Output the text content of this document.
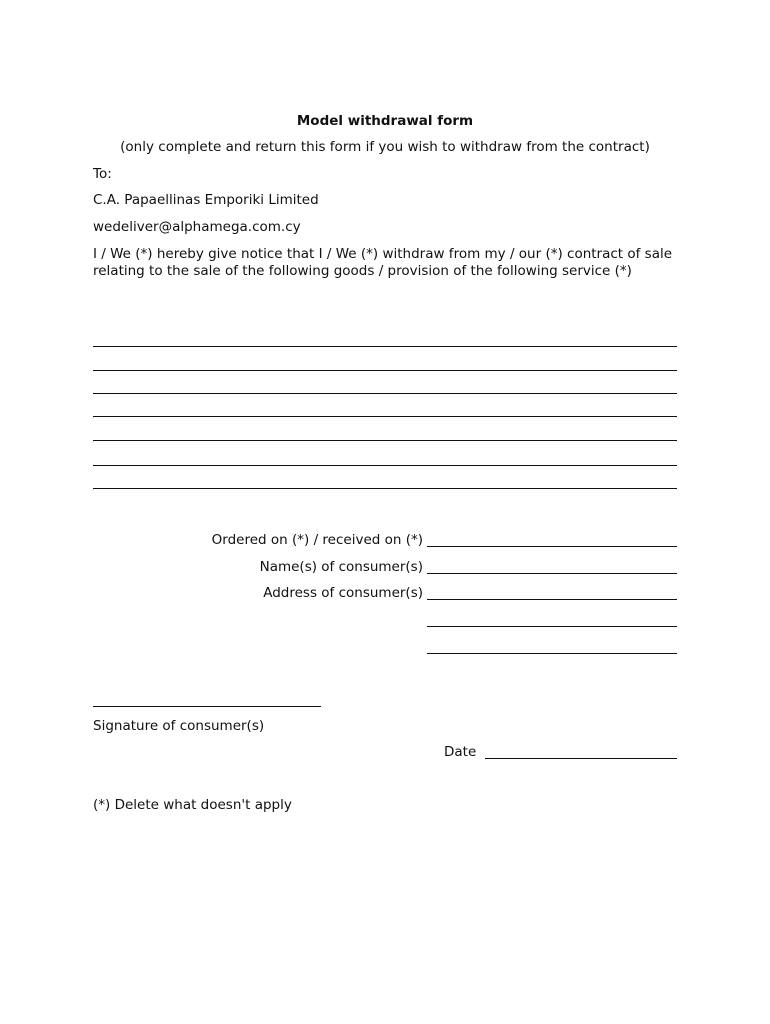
Model withdrawal form
(only complete and return this form if you wish to withdraw from the contract)
To:
C.A. Papaellinas Emporiki Limited
wedeliver@alphamega.com.cy
I / We (*) hereby give notice that I / We (*) withdraw from my / our (*) contract of sale relating to the sale of the following goods / provision of the following service (*)
Ordered on (*) / received on (*)
Name(s) of consumer(s)
Address of consumer(s)
Signature of consumer(s)
Date
(*) Delete what doesn't apply
